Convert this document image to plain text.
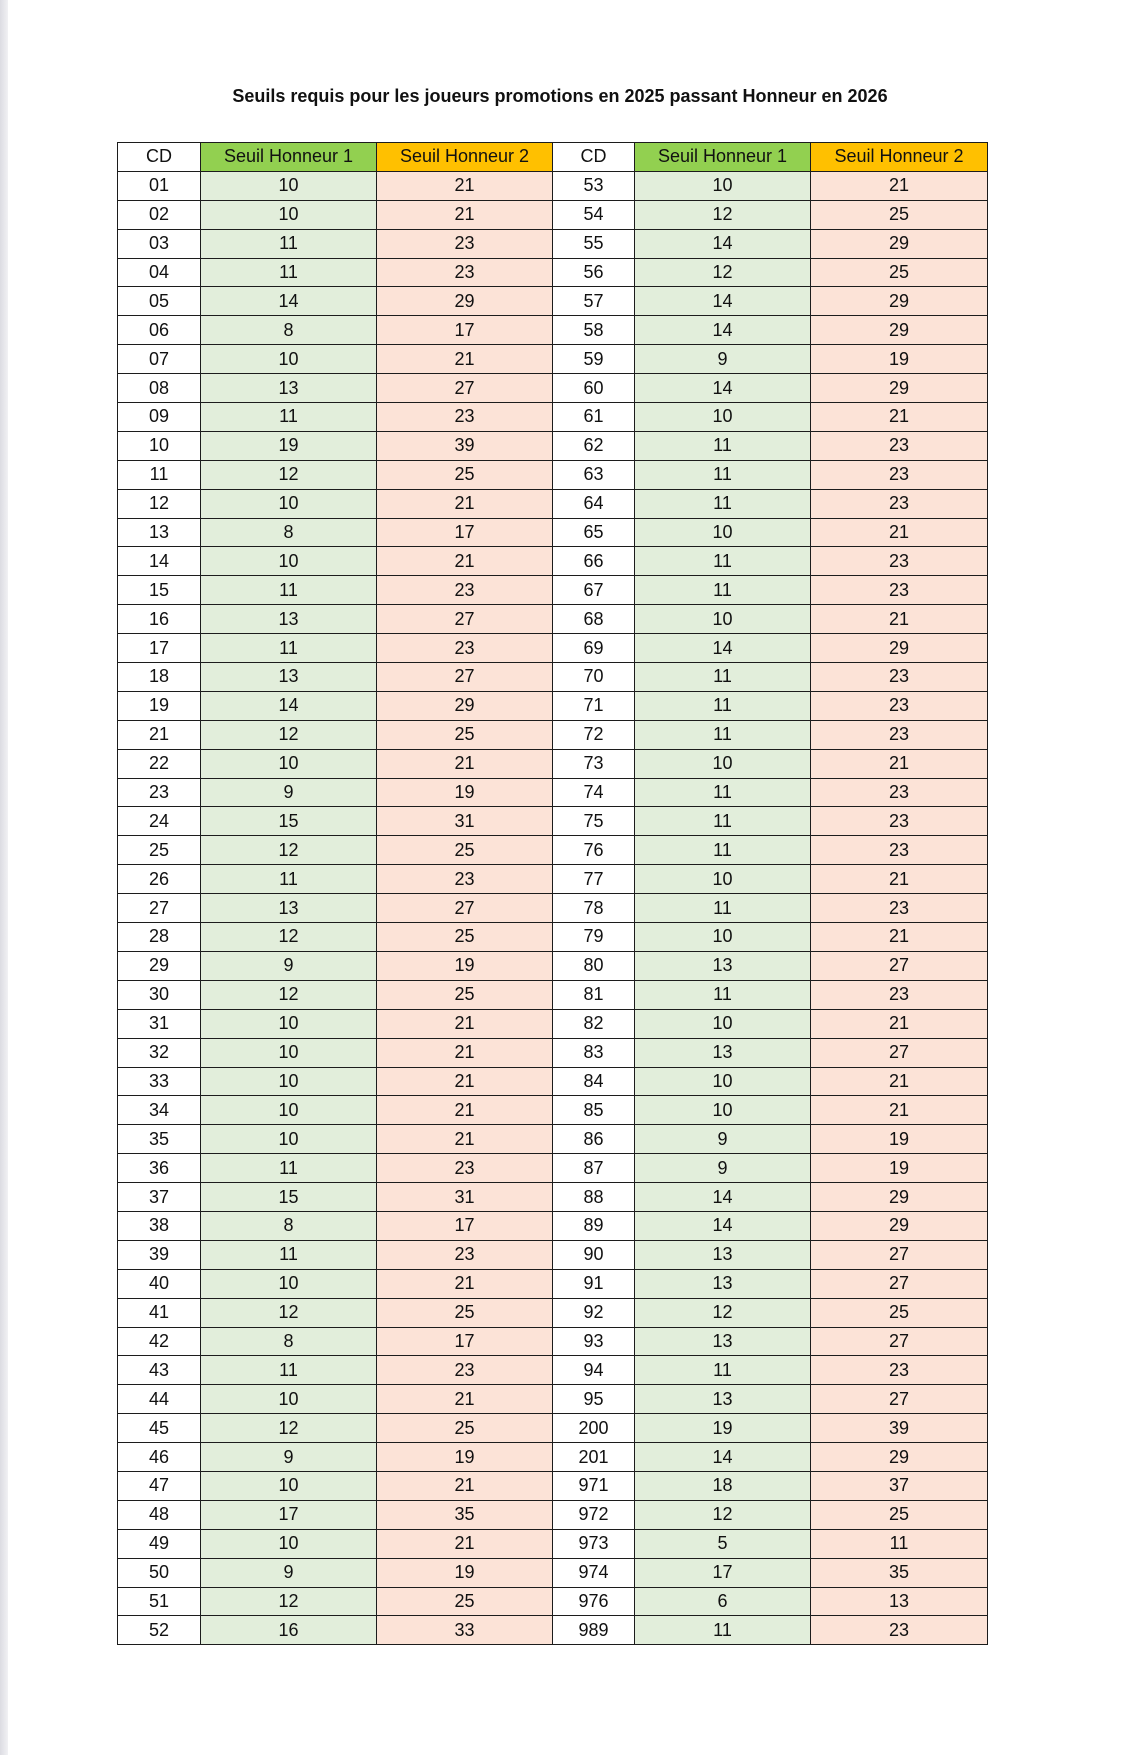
Seuils requis pour les joueurs promotions en 2025 passant Honneur en 2026
CD	Seuil Honneur 1	Seuil Honneur 2	CD	Seuil Honneur 1	Seuil Honneur 2
01	10	21	53	10	21
02	10	21	54	12	25
03	11	23	55	14	29
04	11	23	56	12	25
05	14	29	57	14	29
06	8	17	58	14	29
07	10	21	59	9	19
08	13	27	60	14	29
09	11	23	61	10	21
10	19	39	62	11	23
11	12	25	63	11	23
12	10	21	64	11	23
13	8	17	65	10	21
14	10	21	66	11	23
15	11	23	67	11	23
16	13	27	68	10	21
17	11	23	69	14	29
18	13	27	70	11	23
19	14	29	71	11	23
21	12	25	72	11	23
22	10	21	73	10	21
23	9	19	74	11	23
24	15	31	75	11	23
25	12	25	76	11	23
26	11	23	77	10	21
27	13	27	78	11	23
28	12	25	79	10	21
29	9	19	80	13	27
30	12	25	81	11	23
31	10	21	82	10	21
32	10	21	83	13	27
33	10	21	84	10	21
34	10	21	85	10	21
35	10	21	86	9	19
36	11	23	87	9	19
37	15	31	88	14	29
38	8	17	89	14	29
39	11	23	90	13	27
40	10	21	91	13	27
41	12	25	92	12	25
42	8	17	93	13	27
43	11	23	94	11	23
44	10	21	95	13	27
45	12	25	200	19	39
46	9	19	201	14	29
47	10	21	971	18	37
48	17	35	972	12	25
49	10	21	973	5	11
50	9	19	974	17	35
51	12	25	976	6	13
52	16	33	989	11	23
